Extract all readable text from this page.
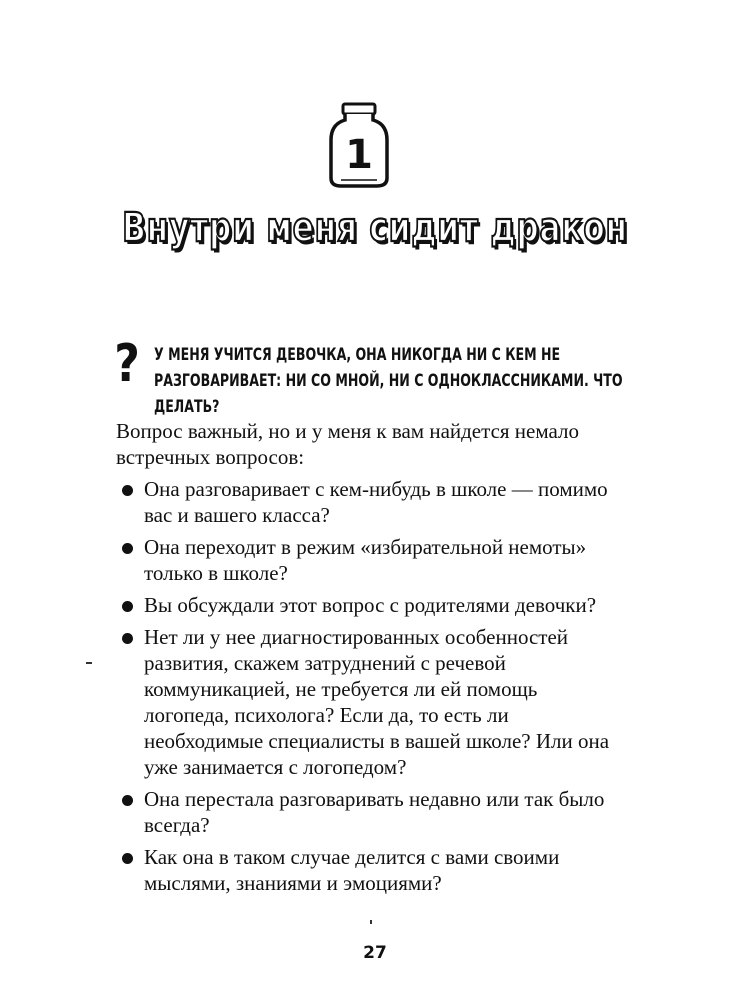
1
Внутри меня сидит дракон
? У МЕНЯ УЧИТСЯ ДЕВОЧКА, ОНА НИКОГДА НИ С КЕМ НЕ РАЗГОВАРИВАЕТ: НИ СО МНОЙ, НИ С ОДНОКЛАССНИКАМИ. ЧТО ДЕЛАТЬ?

Вопрос важный, но и у меня к вам найдется немало встречных вопросов:

Она разговаривает с кем-нибудь в школе — помимо вас и вашего класса?
Она переходит в режим «избирательной немоты» только в школе?
Вы обсуждали этот вопрос с родителями девочки?
Нет ли у нее диагностированных особенностей развития, скажем затруднений с речевой коммуникацией, не требуется ли ей помощь логопеда, психолога? Если да, то есть ли необходимые специалисты в вашей школе? Или она уже занимается с логопедом?
Она перестала разговаривать недавно или так было всегда?
Как она в таком случае делится с вами своими мыслями, знаниями и эмоциями?
27
